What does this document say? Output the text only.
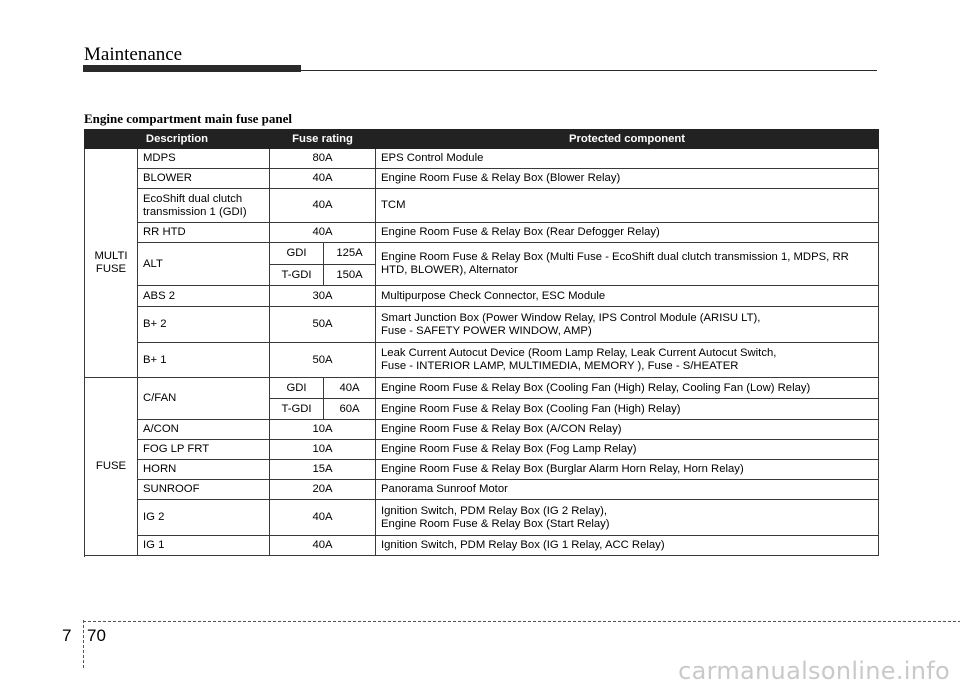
Maintenance
Engine compartment main fuse panel
Description		Fuse rating		Protected component
MULTI FUSE	MDPS	80A		EPS Control Module
	BLOWER	40A		Engine Room Fuse & Relay Box (Blower Relay)
	EcoShift dual clutch transmission 1 (GDI)	40A		TCM
	RR HTD	40A		Engine Room Fuse & Relay Box (Rear Defogger Relay)
	ALT	GDI	125A	Engine Room Fuse & Relay Box (Multi Fuse - EcoShift dual clutch transmission 1, MDPS, RR HTD, BLOWER), Alternator
		T-GDI	150A	
	ABS 2	30A		Multipurpose Check Connector, ESC Module
	B+ 2	50A		Smart Junction Box (Power Window Relay, IPS Control Module (ARISU LT),
Fuse - SAFETY POWER WINDOW, AMP)

	B+ 1	50A		Leak Current Autocut Device (Room Lamp Relay, Leak Current Autocut Switch,
Fuse - INTERIOR LAMP, MULTIMEDIA, MEMORY ), Fuse - S/HEATER

FUSE	C/FAN	GDI	40A	Engine Room Fuse & Relay Box (Cooling Fan (High) Relay, Cooling Fan (Low) Relay)
		T-GDI	60A	Engine Room Fuse & Relay Box (Cooling Fan (High) Relay)
	A/CON	10A		Engine Room Fuse & Relay Box (A/CON Relay)
	FOG LP FRT	10A		Engine Room Fuse & Relay Box (Fog Lamp Relay)
	HORN	15A		Engine Room Fuse & Relay Box (Burglar Alarm Horn Relay, Horn Relay)
	SUNROOF	20A		Panorama Sunroof Motor
	IG 2	40A		Ignition Switch, PDM Relay Box (IG 2 Relay),
Engine Room Fuse & Relay Box (Start Relay)

	IG 1	40A		Ignition Switch, PDM Relay Box (IG 1 Relay, ACC Relay)

7 70
carmanualsonline.info
